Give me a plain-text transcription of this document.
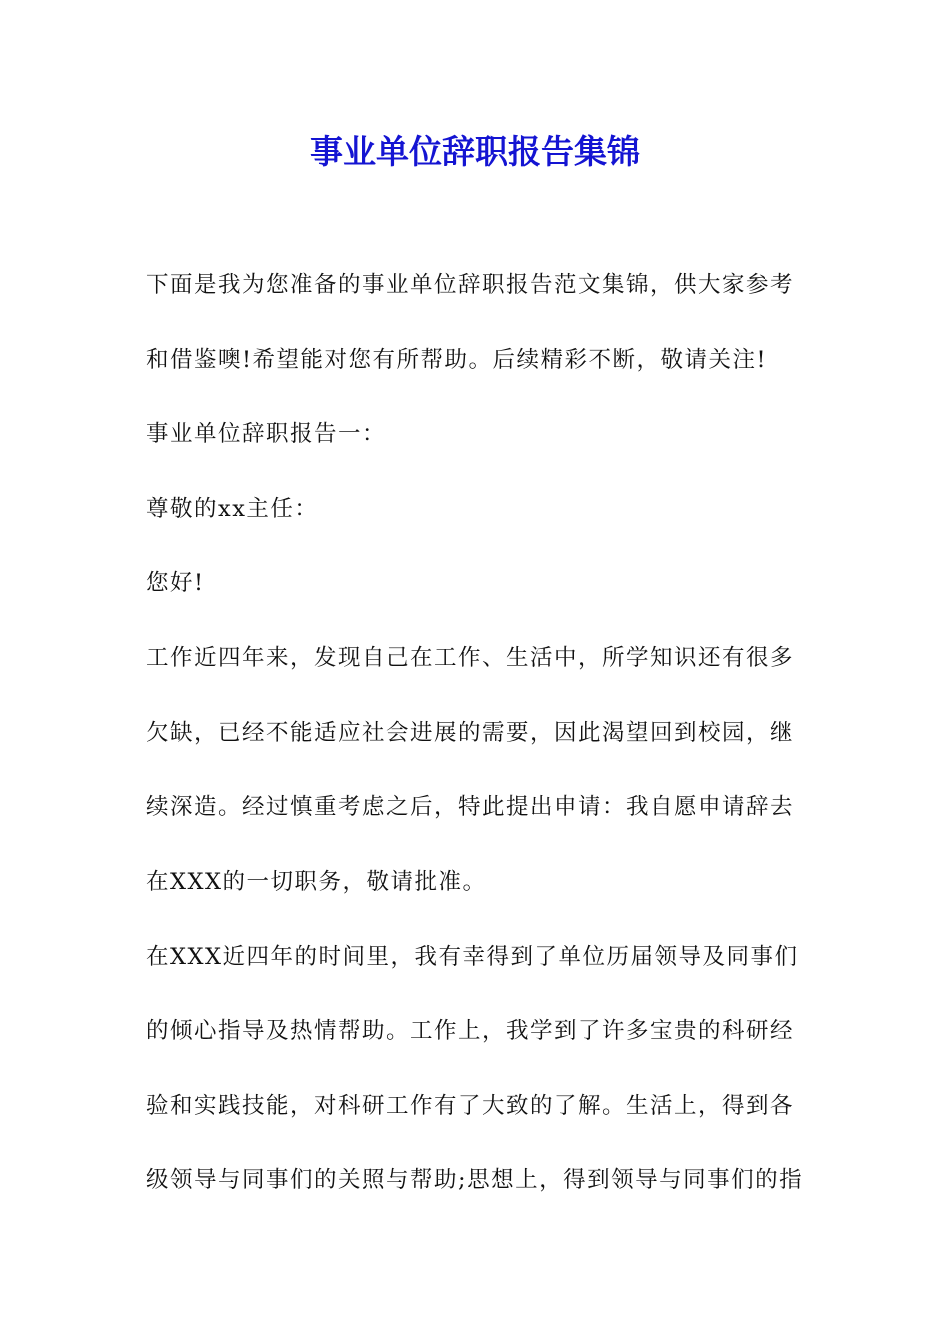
事业单位辞职报告集锦

下面是我为您准备的事业单位辞职报告范文集锦，供大家参考

和借鉴噢!希望能对您有所帮助。后续精彩不断，敬请关注!

事业单位辞职报告一：

尊敬的xx主任：

您好!

工作近四年来，发现自己在工作、生活中，所学知识还有很多

欠缺，已经不能适应社会进展的需要，因此渴望回到校园，继

续深造。经过慎重考虑之后，特此提出申请：我自愿申请辞去

在XXX的一切职务，敬请批准。

在XXX近四年的时间里，我有幸得到了单位历届领导及同事们

的倾心指导及热情帮助。工作上，我学到了许多宝贵的科研经

验和实践技能，对科研工作有了大致的了解。生活上，得到各

级领导与同事们的关照与帮助;思想上，得到领导与同事们的指
